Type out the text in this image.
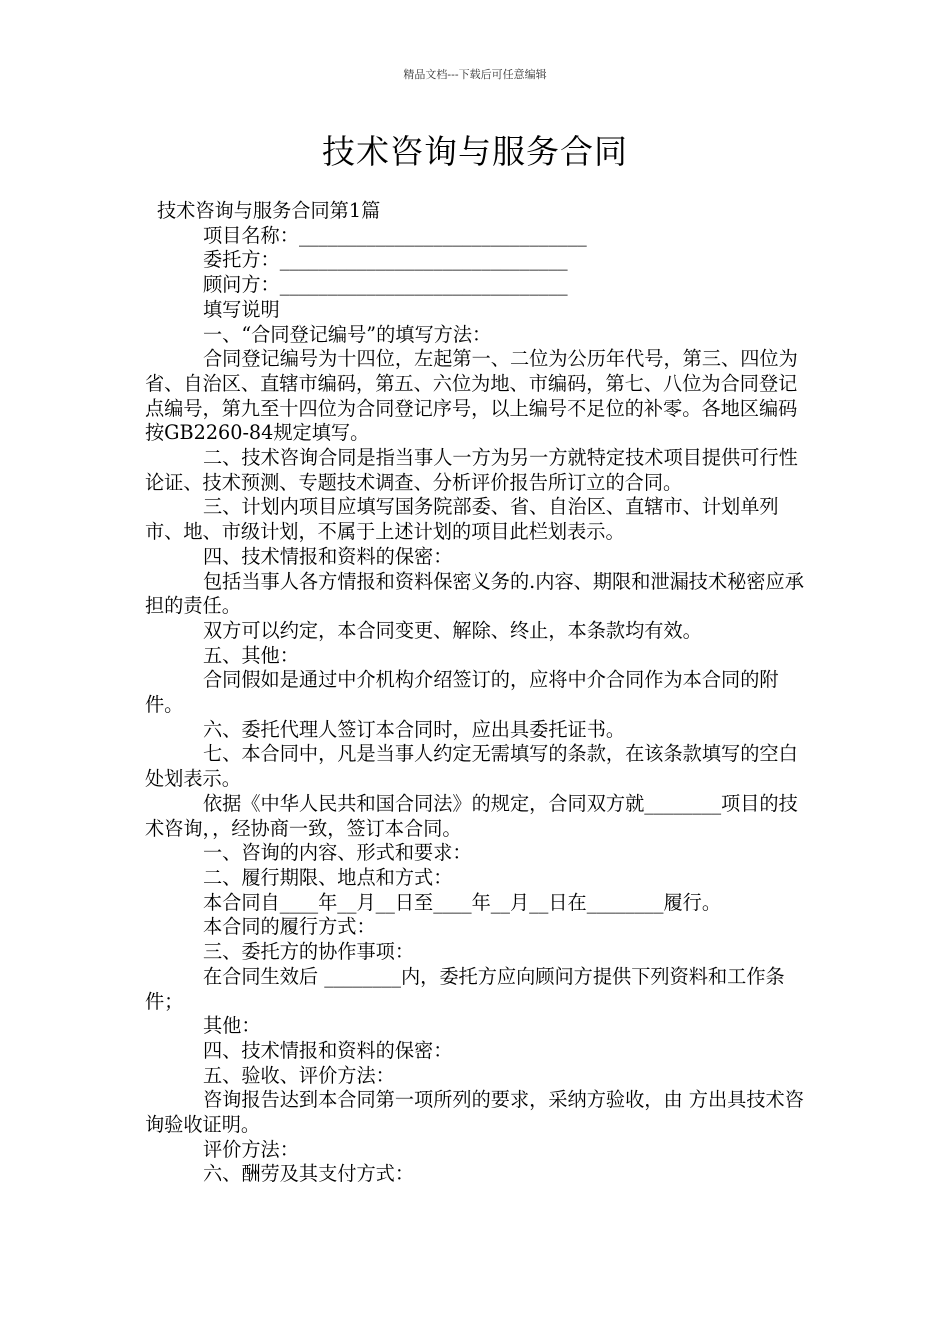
精品文档---下载后可任意编辑
技术咨询与服务合同

技术咨询与服务合同第1篇

项目名称：______________________________

委托方：______________________________

顾问方：______________________________

填写说明

一、“合同登记编号”的填写方法：

合同登记编号为十四位，左起第一、二位为公历年代号，第三、四位为省、自治区、直辖市编码，第五、六位为地、市编码，第七、八位为合同登记点编号，第九至十四位为合同登记序号，以上编号不足位的补零。各地区编码按GB2260-84规定填写。

二、技术咨询合同是指当事人一方为另一方就特定技术项目提供可行性论证、技术预测、专题技术调查、分析评价报告所订立的合同。

三、计划内项目应填写国务院部委、省、自治区、直辖市、计划单列市、地、市级计划，不属于上述计划的项目此栏划表示。

四、技术情报和资料的保密：

包括当事人各方情报和资料保密义务的.内容、期限和泄漏技术秘密应承担的责任。

双方可以约定，本合同变更、解除、终止，本条款均有效。

五、其他：

合同假如是通过中介机构介绍签订的，应将中介合同作为本合同的附件。

六、委托代理人签订本合同时，应出具委托证书。

七、本合同中，凡是当事人约定无需填写的条款，在该条款填写的空白处划表示。

依据《中华人民共和国合同法》的规定，合同双方就________项目的技术咨询，，经协商一致，签订本合同。

一、咨询的内容、形式和要求：

二、履行期限、地点和方式：

本合同自____年__月__日至____年__月__日在________履行。

本合同的履行方式：

三、委托方的协作事项：

在合同生效后 ________内，委托方应向顾问方提供下列资料和工作条件；

其他：

四、技术情报和资料的保密：

五、验收、评价方法：

咨询报告达到本合同第一项所列的要求，采纳方验收，由 方出具技术咨询验收证明。

评价方法：

六、酬劳及其支付方式：
